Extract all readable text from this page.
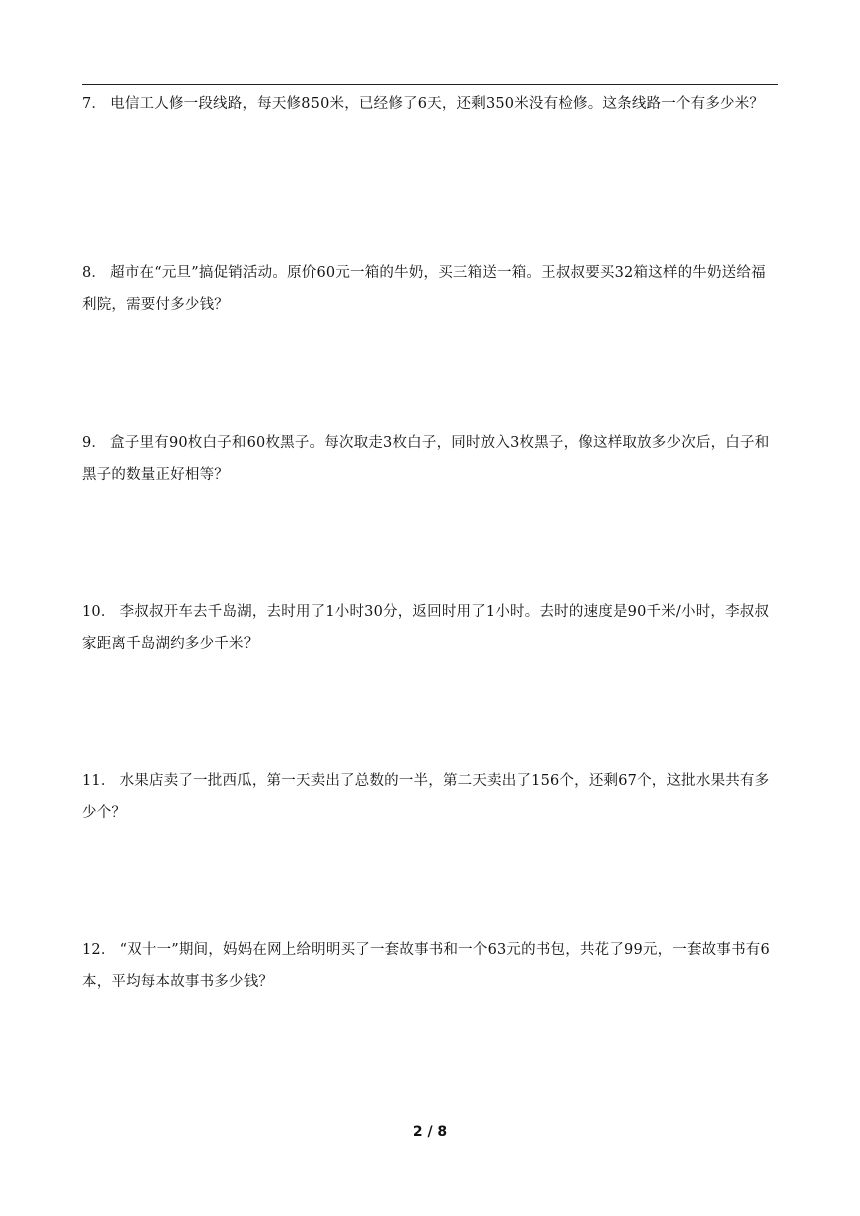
7． 电信工人修一段线路，每天修850米，已经修了6天，还剩350米没有检修。这条线路一个有多少米？

8． 超市在“元旦”搞促销活动。原价60元一箱的牛奶，买三箱送一箱。王叔叔要买32箱这样的牛奶送给福利院，需要付多少钱？

9． 盒子里有90枚白子和60枚黑子。每次取走3枚白子，同时放入3枚黑子，像这样取放多少次后，白子和黑子的数量正好相等？

10． 李叔叔开车去千岛湖，去时用了1小时30分，返回时用了1小时。去时的速度是90千米/小时，李叔叔家距离千岛湖约多少千米？

11． 水果店卖了一批西瓜，第一天卖出了总数的一半，第二天卖出了156个，还剩67个，这批水果共有多少个？

12． “双十一”期间，妈妈在网上给明明买了一套故事书和一个63元的书包，共花了99元，一套故事书有6本，平均每本故事书多少钱？

2 / 8
